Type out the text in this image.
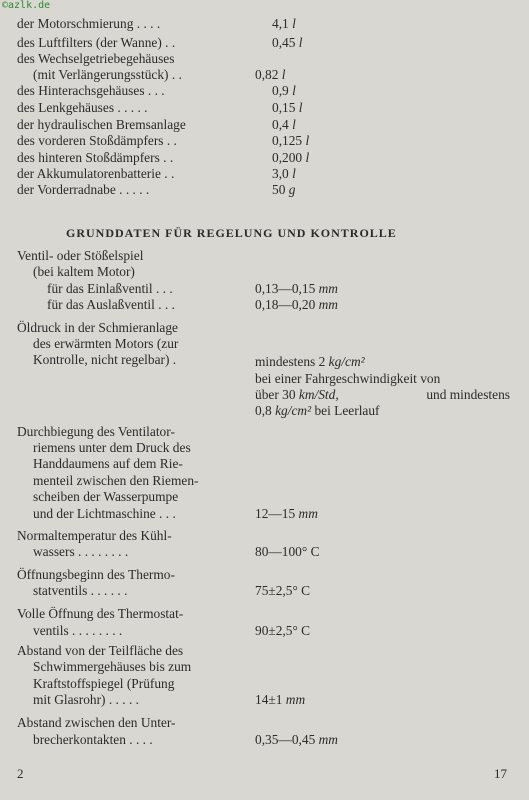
©azlk.de
der Motorschmierung . . . .	4,1 l
des Luftfilters (der Wanne) . .	0,45 l
des Wechselgetriebegehäuses
(mit Verlängerungsstück) . .	0,82 l
des Hinterachsgehäuses . . .	0,9 l
des Lenkgehäuses . . . . .	0,15 l
der hydraulischen Bremsanlage	0,4 l
des vorderen Stoßdämpfers . .	0,125 l
des hinteren Stoßdämpfers . .	0,200 l
der Akkumulatorenbatterie . .	3,0 l
der Vorderradnabe . . . . .	50 g
GRUNDDATEN FÜR REGELUNG UND KONTROLLE
Ventil- oder Stößelspiel
(bei kaltem Motor)
für das Einlaßventil . . .	0,13—0,15 mm
für das Auslaßventil . . .	0,18—0,20 mm
Öldruck in der Schmieranlage
des erwärmten Motors (zur
Kontrolle, nicht regelbar) .	mindestens 2 kg/cm²
bei einer Fahrgeschwindigkeit von
über 30 km/Std,	und mindestens
0,8 kg/cm² bei Leerlauf
Durchbiegung des Ventilator-
riemens unter dem Druck des
Handdaumens auf dem Rie-
menteil zwischen den Riemen-
scheiben der Wasserpumpe
und der Lichtmaschine . . .	12—15 mm
Normaltemperatur des Kühl-
wassers . . . . . . . .	80—100° C
Öffnungsbeginn des Thermo-
statventils . . . . . .	75±2,5° C
Volle Öffnung des Thermostat-
ventils . . . . . . . .	90±2,5° C
Abstand von der Teilfläche des
Schwimmergehäuses bis zum
Kraftstoffspiegel (Prüfung
mit Glasrohr) . . . . .	14±1 mm
Abstand zwischen den Unter-
brecherkontakten . . . .	0,35—0,45 mm
2	17
